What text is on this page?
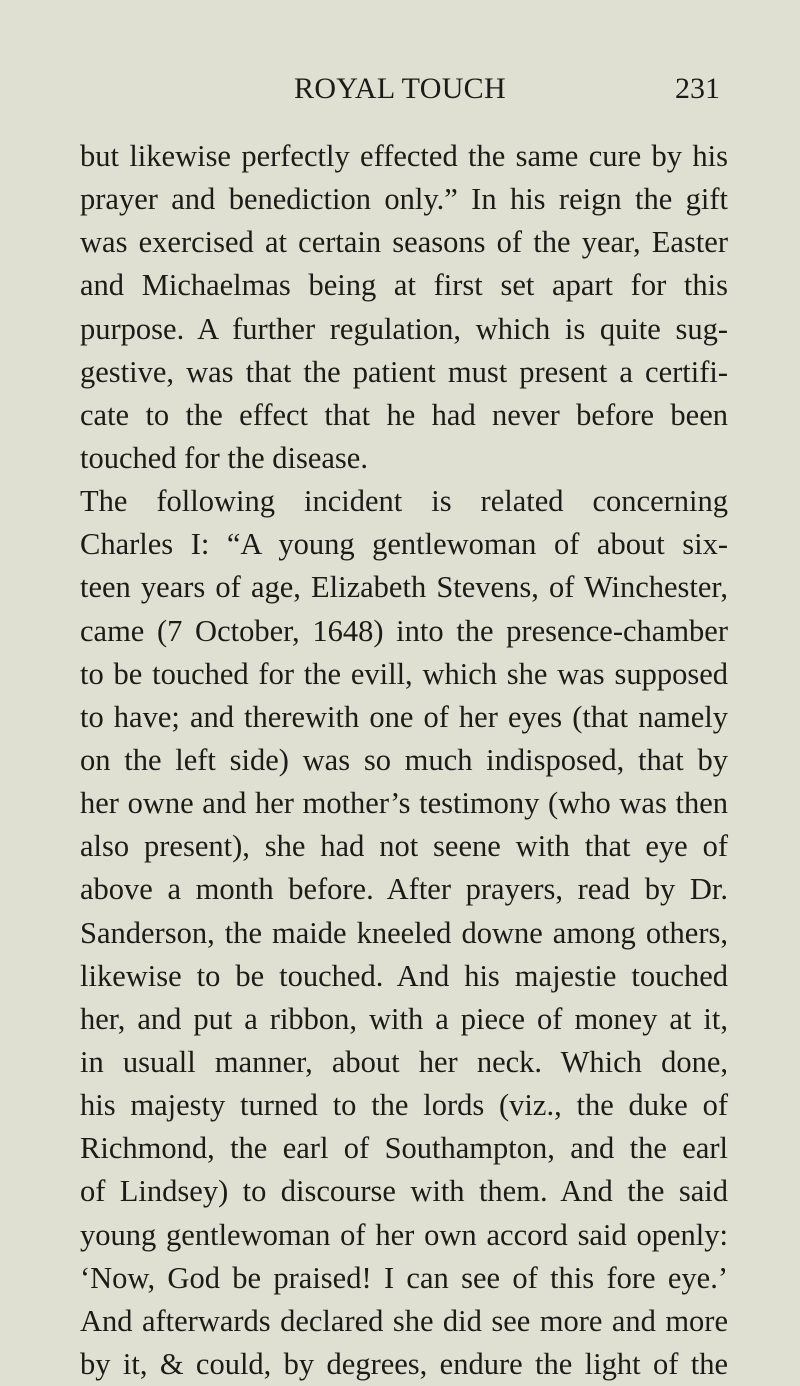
ROYAL TOUCH	231
but likewise perfectly effected the same cure by his
prayer and benediction only.” In his reign the gift
was exercised at certain seasons of the year, Easter
and Michaelmas being at first set apart for this
purpose. A further regulation, which is quite sug-
gestive, was that the patient must present a certifi-
cate to the effect that he had never before been
touched for the disease.
The following incident is related concerning
Charles I: “A young gentlewoman of about six-
teen years of age, Elizabeth Stevens, of Winchester,
came (7 October, 1648) into the presence-chamber
to be touched for the evill, which she was supposed
to have; and therewith one of her eyes (that namely
on the left side) was so much indisposed, that by
her owne and her mother’s testimony (who was then
also present), she had not seene with that eye of
above a month before. After prayers, read by Dr.
Sanderson, the maide kneeled downe among others,
likewise to be touched. And his majestie touched
her, and put a ribbon, with a piece of money at it,
in usuall manner, about her neck. Which done,
his majesty turned to the lords (viz., the duke of
Richmond, the earl of Southampton, and the earl
of Lindsey) to discourse with them. And the said
young gentlewoman of her own accord said openly:
‘Now, God be praised! I can see of this fore eye.’
And afterwards declared she did see more and more
by it, & could, by degrees, endure the light of the
